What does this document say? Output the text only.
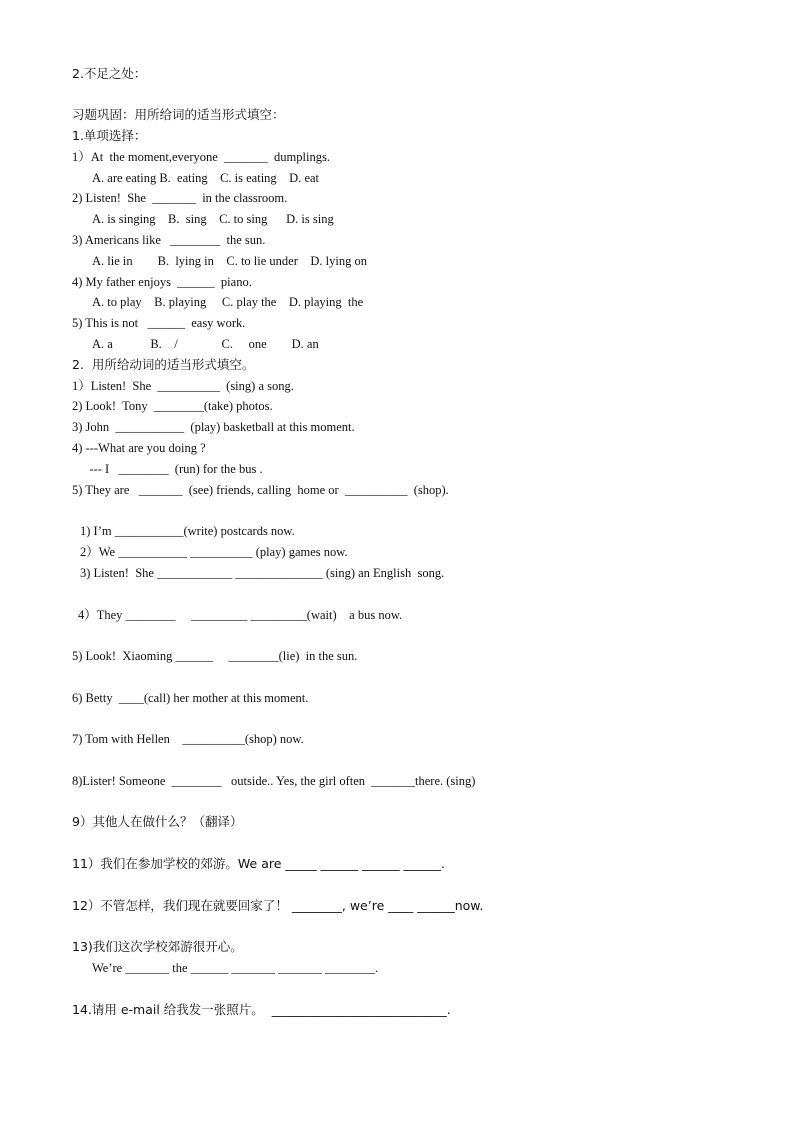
2.不足之处：
习题巩固：用所给词的适当形式填空：
1.单项选择：
1）At  the moment,everyone  _______  dumplings.
A. are eating B.  eating    C. is eating    D. eat
2) Listen!  She  _______  in the classroom.
A. is singing    B.  sing    C. to sing      D. is sing
3) Americans like   ________  the sun.
A. lie in        B.  lying in    C. to lie under    D. lying on
4) My father enjoys  ______  piano.
A. to play    B. playing     C. play the    D. playing  the
5) This is not   ______  easy work.
A. a            B.    /              C.     one        D. an
2.  用所给动词的适当形式填空。
1）Listen!  She  __________  (sing) a song.
2) Look!  Tony  ________(take) photos.
3) John  ___________  (play) basketball at this moment.
4) ---What are you doing ?
--- I   ________  (run) for the bus .
5) They are   _______  (see) friends, calling  home or  __________  (shop).
1) I’m ___________(write) postcards now.
2）We ___________ __________ (play) games now.
3) Listen!  She ____________ ______________ (sing) an English  song.
4）They ________     _________ _________(wait)    a bus now.
5) Look!  Xiaoming ______     ________(lie)  in the sun.
6) Betty  ____(call) her mother at this moment.
7) Tom with Hellen    __________(shop) now.
8)Lister! Someone  ________   outside.. Yes, the girl often  _______there. (sing)
9）其他人在做什么？（翻译）
11）我们在参加学校的郊游。We are _____ ______ ______ ______.
12）不管怎样，我们现在就要回家了！ ________, we’re ____ ______now.
13)我们这次学校郊游很开心。
We’re _______ the ______ _______ _______ ________.
14.请用 e-mail 给我发一张照片。  ____________________________.
